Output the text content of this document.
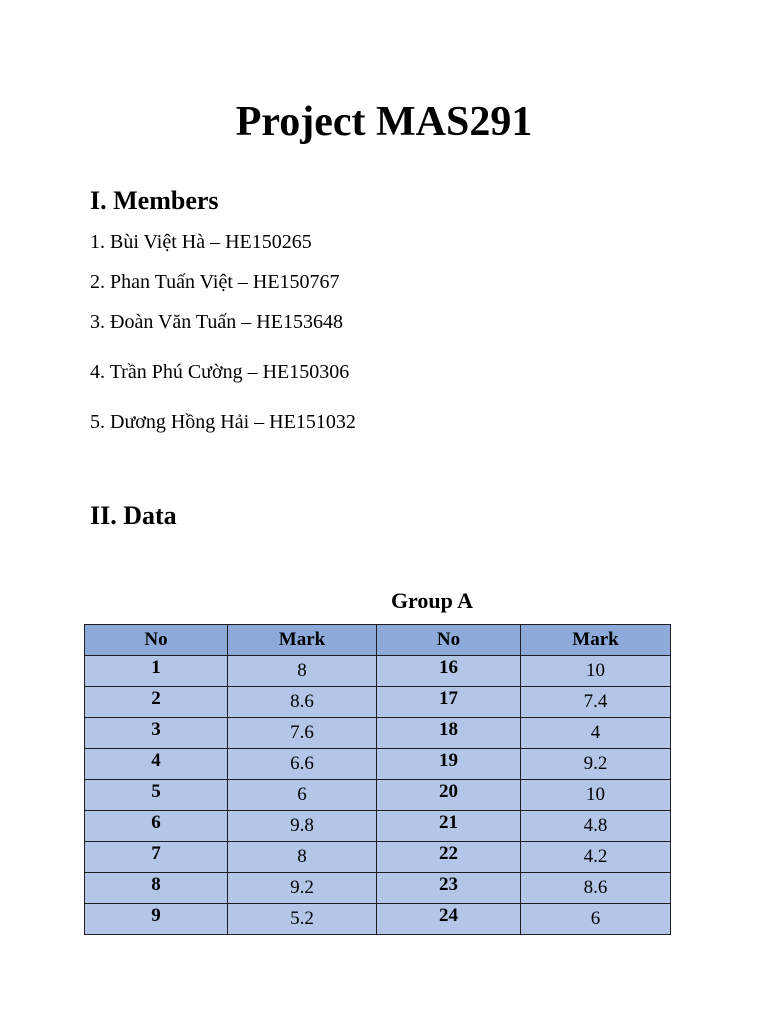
Project MAS291
I. Members

1. Bùi Việt Hà – HE150265

2. Phan Tuấn Việt – HE150767

3. Đoàn Văn Tuấn – HE153648

4. Trần Phú Cường – HE150306

5. Dương Hồng Hải – HE151032

II. Data
Group A
No	Mark	No	Mark
1	8	16	10
2	8.6	17	7.4
3	7.6	18	4
4	6.6	19	9.2
5	6	20	10
6	9.8	21	4.8
7	8	22	4.2
8	9.2	23	8.6
9	5.2	24	6
